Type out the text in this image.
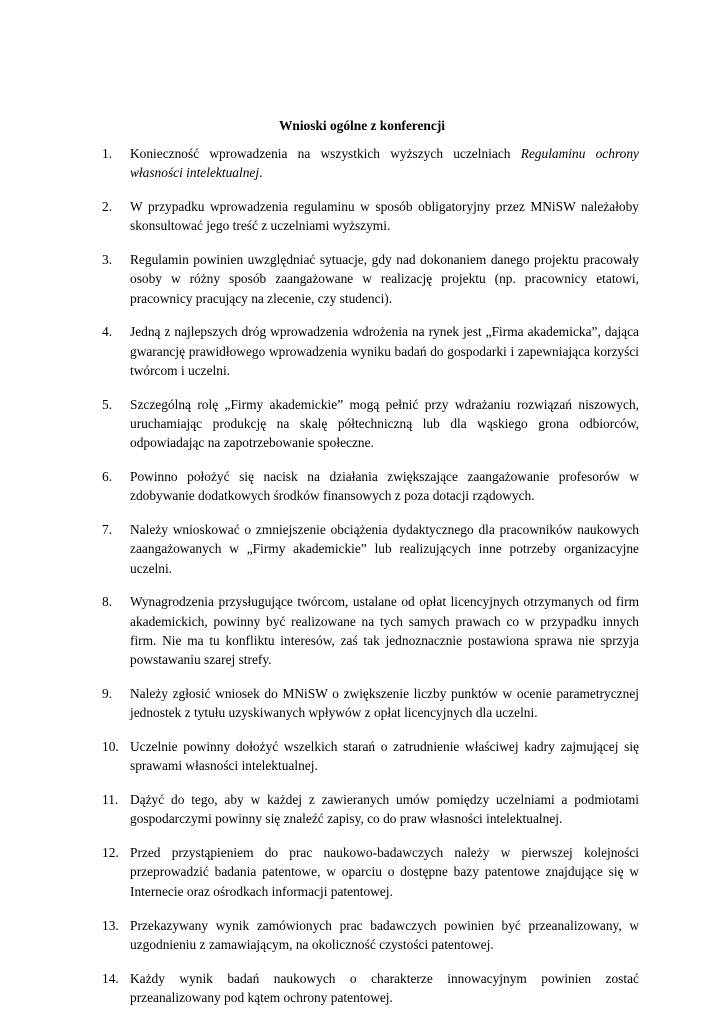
Wnioski ogólne z konferencji
1.	Konieczność wprowadzenia na wszystkich wyższych uczelniach Regulaminu ochrony własności intelektualnej.
2.	W przypadku wprowadzenia regulaminu w sposób obligatoryjny przez MNiSW należałoby skonsultować jego treść z uczelniami wyższymi.
3.	Regulamin powinien uwzględniać sytuacje, gdy nad dokonaniem danego projektu pracowały osoby w różny sposób zaangażowane w realizację projektu (np. pracownicy etatowi, pracownicy pracujący na zlecenie, czy studenci).
4.	Jedną z najlepszych dróg wprowadzenia wdrożenia na rynek jest „Firma akademicka”, dająca gwarancję prawidłowego wprowadzenia wyniku badań do gospodarki i zapewniająca korzyści twórcom i uczelni.
5.	Szczególną rolę „Firmy akademickie” mogą pełnić przy wdrażaniu rozwiązań niszowych, uruchamiając produkcję na skalę półtechniczną lub dla wąskiego grona odbiorców, odpowiadając na zapotrzebowanie społeczne.
6.	Powinno położyć się nacisk na działania zwiększające zaangażowanie profesorów w zdobywanie dodatkowych środków finansowych z poza dotacji rządowych.
7.	Należy wnioskować o zmniejszenie obciążenia dydaktycznego dla pracowników naukowych zaangażowanych w „Firmy akademickie” lub realizujących inne potrzeby organizacyjne uczelni.
8.	Wynagrodzenia przysługujące twórcom, ustalane od opłat licencyjnych otrzymanych od firm akademickich, powinny być realizowane na tych samych prawach co w przypadku innych firm. Nie ma tu konfliktu interesów, zaś tak jednoznacznie postawiona sprawa nie sprzyja powstawaniu szarej strefy.
9.	Należy zgłosić wniosek do MNiSW o zwiększenie liczby punktów w ocenie parametrycznej jednostek z tytułu uzyskiwanych wpływów z opłat licencyjnych dla uczelni.
10. Uczelnie powinny dołożyć wszelkich starań o zatrudnienie właściwej kadry zajmującej się sprawami własności intelektualnej.
11. Dążyć do tego, aby w każdej z zawieranych umów pomiędzy uczelniami a podmiotami gospodarczymi powinny się znaleźć zapisy, co do praw własności intelektualnej.
12. Przed przystąpieniem do prac naukowo-badawczych należy w pierwszej kolejności przeprowadzić badania patentowe, w oparciu o dostępne bazy patentowe znajdujące się w Internecie oraz ośrodkach informacji patentowej.
13. Przekazywany wynik zamówionych prac badawczych powinien być przeanalizowany, w uzgodnieniu z zamawiającym, na okoliczność czystości patentowej.
14. Każdy wynik badań naukowych o charakterze innowacyjnym powinien zostać przeanalizowany pod kątem ochrony patentowej.
